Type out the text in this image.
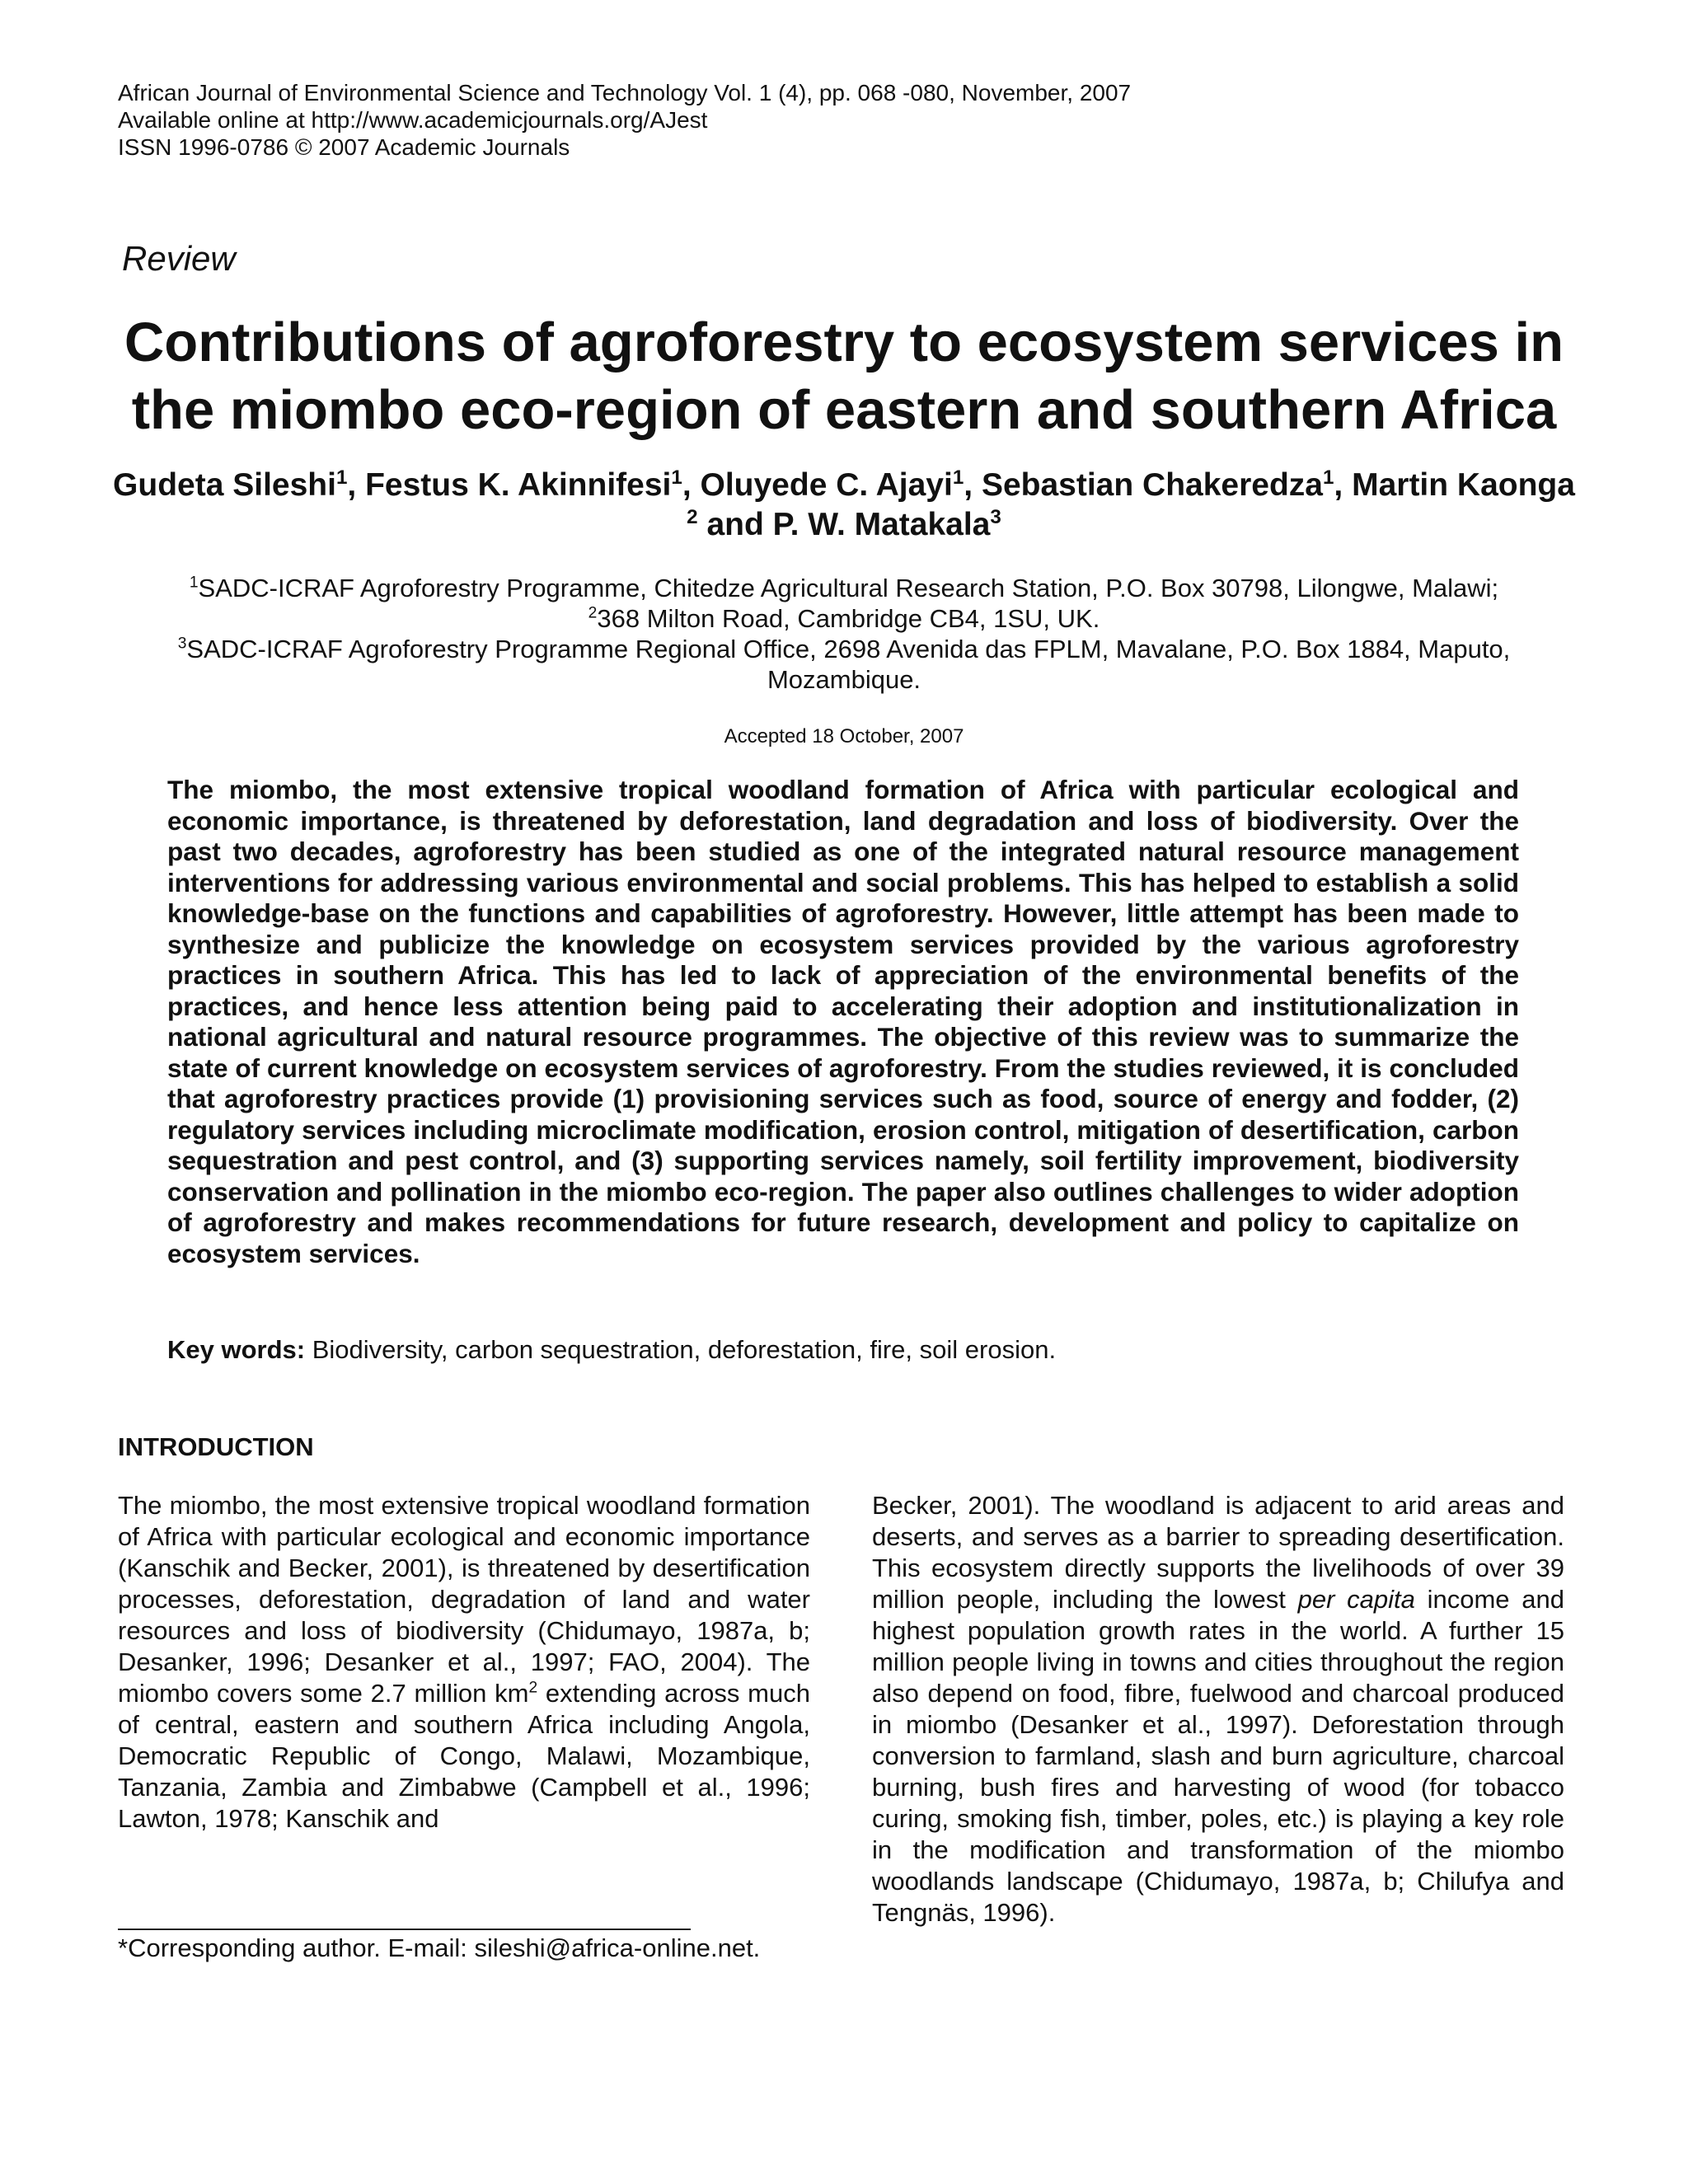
African Journal of Environmental Science and Technology Vol. 1 (4), pp. 068 -080, November, 2007
Available online at http://www.academicjournals.org/AJest
ISSN 1996-0786 © 2007 Academic Journals
Review
Contributions of agroforestry to ecosystem services in
the miombo eco-region of eastern and southern Africa
Gudeta Sileshi$^1$, Festus K. Akinnifesi$^1$, Oluyede C. Ajayi$^1$, Sebastian Chakeredza$^1$, Martin Kaonga
$^2$ and P. W. Matakala$^3$
$^1$SADC-ICRAF Agroforestry Programme, Chitedze Agricultural Research Station, P.O. Box 30798, Lilongwe, Malawi;
$^2$368 Milton Road, Cambridge CB4, 1SU, UK.
$^3$SADC-ICRAF Agroforestry Programme Regional Office, 2698 Avenida das FPLM, Mavalane, P.O. Box 1884, Maputo,
Mozambique.
Accepted 18 October, 2007
The miombo, the most extensive tropical woodland formation of Africa with particular ecological and economic importance, is threatened by deforestation, land degradation and loss of biodiversity. Over the past two decades, agroforestry has been studied as one of the integrated natural resource management interventions for addressing various environmental and social problems. This has helped to establish a solid knowledge-base on the functions and capabilities of agroforestry. However, little attempt has been made to synthesize and publicize the knowledge on ecosystem services provided by the various agroforestry practices in southern Africa. This has led to lack of appreciation of the environmental benefits of the practices, and hence less attention being paid to accelerating their adoption and institutionalization in national agricultural and natural resource programmes. The objective of this review was to summarize the state of current knowledge on ecosystem services of agroforestry. From the studies reviewed, it is concluded that agroforestry practices provide (1) provisioning services such as food, source of energy and fodder, (2) regulatory services including microclimate modification, erosion control, mitigation of desertification, carbon sequestration and pest control, and (3) supporting services namely, soil fertility improvement, biodiversity conservation and pollination in the miombo eco-region. The paper also outlines challenges to wider adoption of agroforestry and makes recommendations for future research, development and policy to capitalize on ecosystem services.
Key words: Biodiversity, carbon sequestration, deforestation, fire, soil erosion.
INTRODUCTION
The miombo, the most extensive tropical woodland formation of Africa with particular ecological and economic importance (Kanschik and Becker, 2001), is threatened by desertification processes, deforestation, degradation of land and water resources and loss of biodiversity (Chidumayo, 1987a, b; Desanker, 1996; Desanker et al., 1997; FAO, 2004). The miombo covers some 2.7 million $km^2$ extending across much of central, eastern and southern Africa including Angola, Democratic Republic of Congo, Malawi, Mozambique, Tanzania, Zambia and Zimbabwe (Campbell et al., 1996; Lawton, 1978; Kanschik and
Becker, 2001). The woodland is adjacent to arid areas and deserts, and serves as a barrier to spreading desertification. This ecosystem directly supports the livelihoods of over 39 million people, including the lowest per capita income and highest population growth rates in the world. A further 15 million people living in towns and cities throughout the region also depend on food, fibre, fuelwood and charcoal produced in miombo (Desanker et al., 1997). Deforestation through conversion to farmland, slash and burn agriculture, charcoal burning, bush fires and harvesting of wood (for tobacco curing, smoking fish, timber, poles, etc.) is playing a key role in the modification and transformation of the miombo woodlands landscape (Chidumayo, 1987a, b; Chilufya and Tengnäs, 1996).
*Corresponding author. E-mail: sileshi@africa-online.net.
